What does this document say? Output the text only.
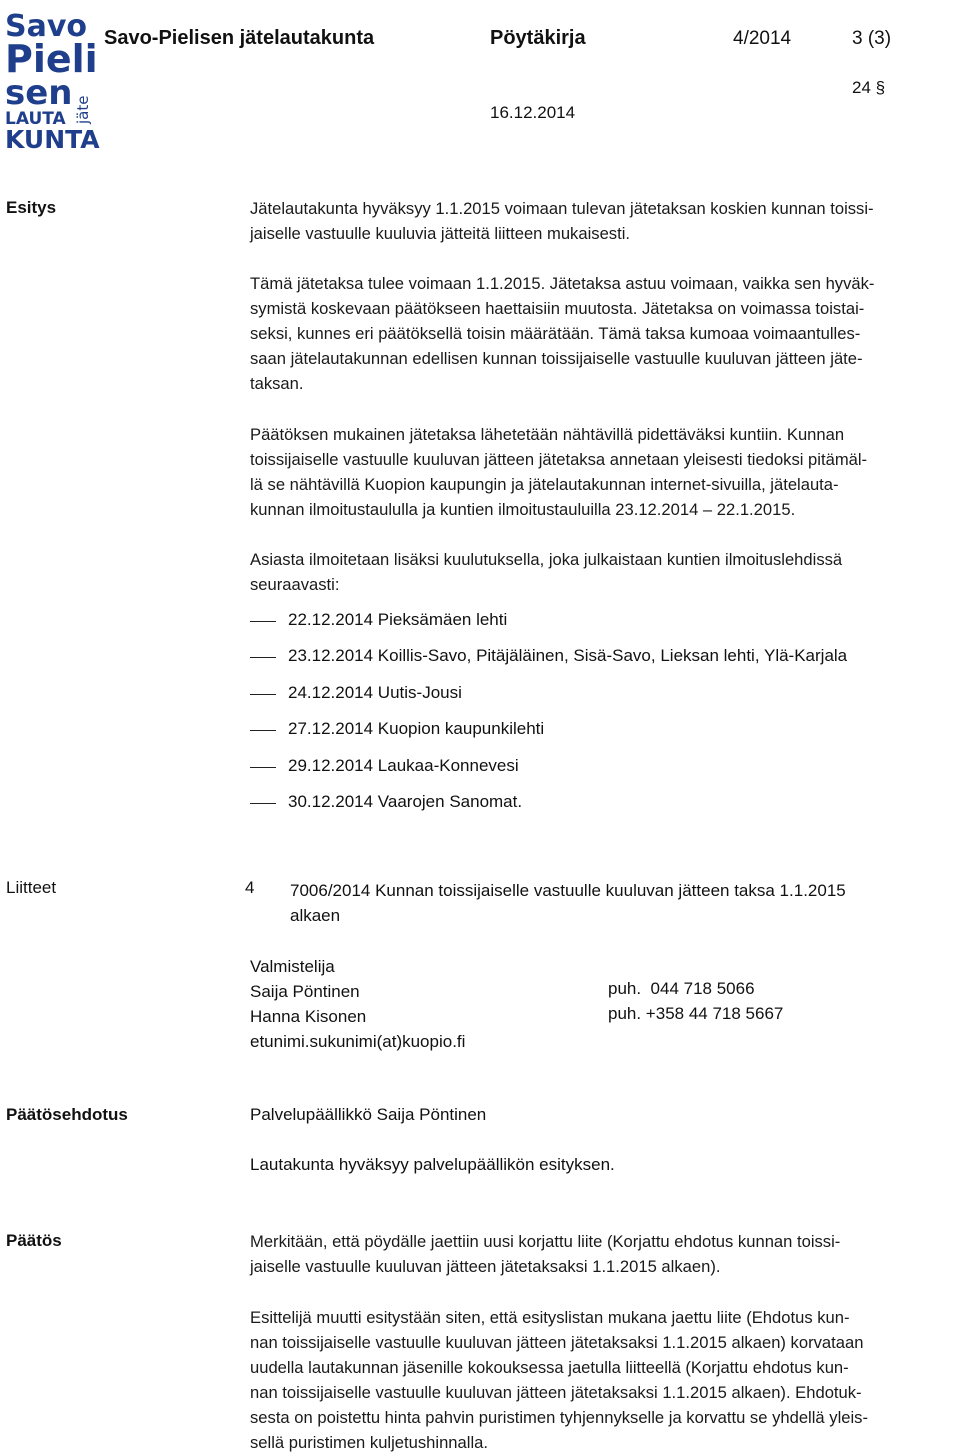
Savo
Pieli
sen
LAUTA
KUNTA
jäte
Savo-Pielisen jätelautakunta	Pöytäkirja	4/2014	3 (3)
24 §
16.12.2014
Esitys	Jätelautakunta hyväksyy 1.1.2015 voimaan tulevan jätetaksan koskien kunnan toissi-
jaiselle vastuulle kuuluvia jätteitä liitteen mukaisesti.
Tämä jätetaksa tulee voimaan 1.1.2015. Jätetaksa astuu voimaan, vaikka sen hyväk-
symistä koskevaan päätökseen haettaisiin muutosta. Jätetaksa on voimassa toistai-
seksi, kunnes eri päätöksellä toisin määrätään. Tämä taksa kumoaa voimaantulles-
saan jätelautakunnan edellisen kunnan toissijaiselle vastuulle kuuluvan jätteen jäte-
taksan.
Päätöksen mukainen jätetaksa lähetetään nähtävillä pidettäväksi kuntiin. Kunnan
toissijaiselle vastuulle kuuluvan jätteen jätetaksa annetaan yleisesti tiedoksi pitämäl-
lä se nähtävillä Kuopion kaupungin ja jätelautakunnan internet-sivuilla, jätelauta-
kunnan ilmoitustaululla ja kuntien ilmoitustauluilla 23.12.2014 – 22.1.2015.
Asiasta ilmoitetaan lisäksi kuulutuksella, joka julkaistaan kuntien ilmoituslehdissä
seuraavasti:
22.12.2014 Pieksämäen lehti
23.12.2014 Koillis-Savo, Pitäjäläinen, Sisä-Savo, Lieksan lehti, Ylä-Karjala
24.12.2014 Uutis-Jousi
27.12.2014 Kuopion kaupunkilehti
29.12.2014 Laukaa-Konnevesi
30.12.2014 Vaarojen Sanomat.
Liitteet	4 7006/2014 Kunnan toissijaiselle vastuulle kuuluvan jätteen taksa 1.1.2015
alkaen
Valmistelija
Saija Pöntinen
Hanna Kisonen
etunimi.sukunimi(at)kuopio.fi
puh.  044 718 5066
puh. +358 44 718 5667
Päätösehdotus	Palvelupäällikkö Saija Pöntinen
Lautakunta hyväksyy palvelupäällikön esityksen.
Päätös	Merkitään, että pöydälle jaettiin uusi korjattu liite (Korjattu ehdotus kunnan toissi-
jaiselle vastuulle kuuluvan jätteen jätetaksaksi 1.1.2015 alkaen).
Esittelijä muutti esitystään siten, että esityslistan mukana jaettu liite (Ehdotus kun-
nan toissijaiselle vastuulle kuuluvan jätteen jätetaksaksi 1.1.2015 alkaen) korvataan
uudella lautakunnan jäsenille kokouksessa jaetulla liitteellä (Korjattu ehdotus kun-
nan toissijaiselle vastuulle kuuluvan jätteen jätetaksaksi 1.1.2015 alkaen). Ehdotuk-
sesta on poistettu hinta pahvin puristimen tyhjennykselle ja korvattu se yhdellä yleis-
sellä puristimen kuljetushinnalla.
